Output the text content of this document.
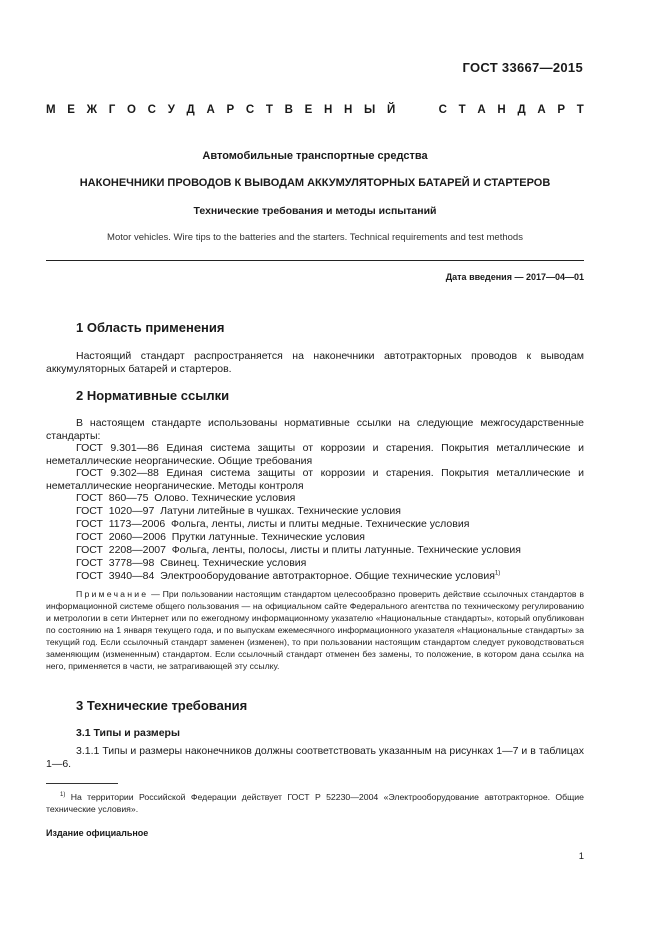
ГОСТ 33667—2015
М Е Ж Г О С У Д А Р С Т В Е Н Н Ы Й	С Т А Н Д А Р Т
Автомобильные транспортные средства
НАКОНЕЧНИКИ ПРОВОДОВ К ВЫВОДАМ АККУМУЛЯТОРНЫХ БАТАРЕЙ И СТАРТЕРОВ
Технические требования и методы испытаний
Motor vehicles. Wire tips to the batteries and the starters. Technical requirements and test methods
Дата введения — 2017—04—01
1 Область применения
Настоящий стандарт распространяется на наконечники автотракторных проводов к выводам аккумуляторных батарей и стартеров.
2 Нормативные ссылки
В настоящем стандарте использованы нормативные ссылки на следующие межгосударственные стандарты:
ГОСТ 9.301—86 Единая система защиты от коррозии и старения. Покрытия металлические и неметаллические неорганические. Общие требования
ГОСТ 9.302—88 Единая система защиты от коррозии и старения. Покрытия металлические и неметаллические неорганические. Методы контроля
ГОСТ  860—75  Олово. Технические условия
ГОСТ  1020—97  Латуни литейные в чушках. Технические условия
ГОСТ  1173—2006  Фольга, ленты, листы и плиты медные. Технические условия
ГОСТ  2060—2006  Прутки латунные. Технические условия
ГОСТ  2208—2007  Фольга, ленты, полосы, листы и плиты латунные. Технические условия
ГОСТ  3778—98  Свинец. Технические условия
ГОСТ  3940—84  Электрооборудование автотракторное. Общие технические условия$^{1)}$
Примечание — При пользовании настоящим стандартом целесообразно проверить действие ссылочных стандартов в информационной системе общего пользования — на официальном сайте Федерального агентства по техническому регулированию и метрологии в сети Интернет или по ежегодному информационному указателю «Национальные стандарты», который опубликован по состоянию на 1 января текущего года, и по выпускам ежемесячного информационного указателя «Национальные стандарты» за текущий год. Если ссылочный стандарт заменен (изменен), то при пользовании настоящим стандартом следует руководствоваться заменяющим (измененным) стандартом. Если ссылочный стандарт отменен без замены, то положение, в котором дана ссылка на него, применяется в части, не затрагивающей эту ссылку.
3 Технические требования
3.1 Типы и размеры
3.1.1 Типы и размеры наконечников должны соответствовать указанным на рисунках 1—7 и в таблицах 1—6.
$^{1)}$ На территории Российской Федерации действует ГОСТ Р 52230—2004 «Электрооборудование автотракторное. Общие технические условия».
Издание официальное
1
